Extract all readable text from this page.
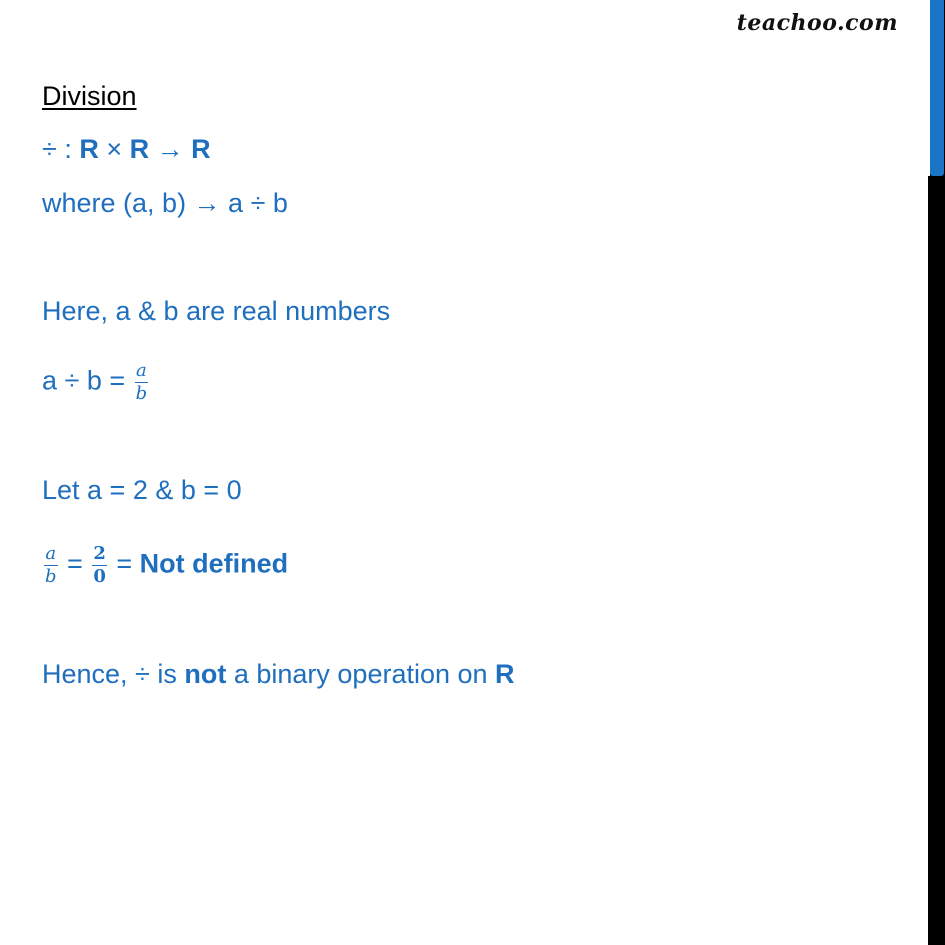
teachoo.com
Division
÷ : R × R → R
where (a, b) → a ÷ b
Here, a & b are real numbers
$a \div b = \frac{a}{b}$
Let a = 2 & b = 0
$\frac{a}{b} = \frac{2}{0}$ = Not defined
Hence, ÷ is not a binary operation on R
